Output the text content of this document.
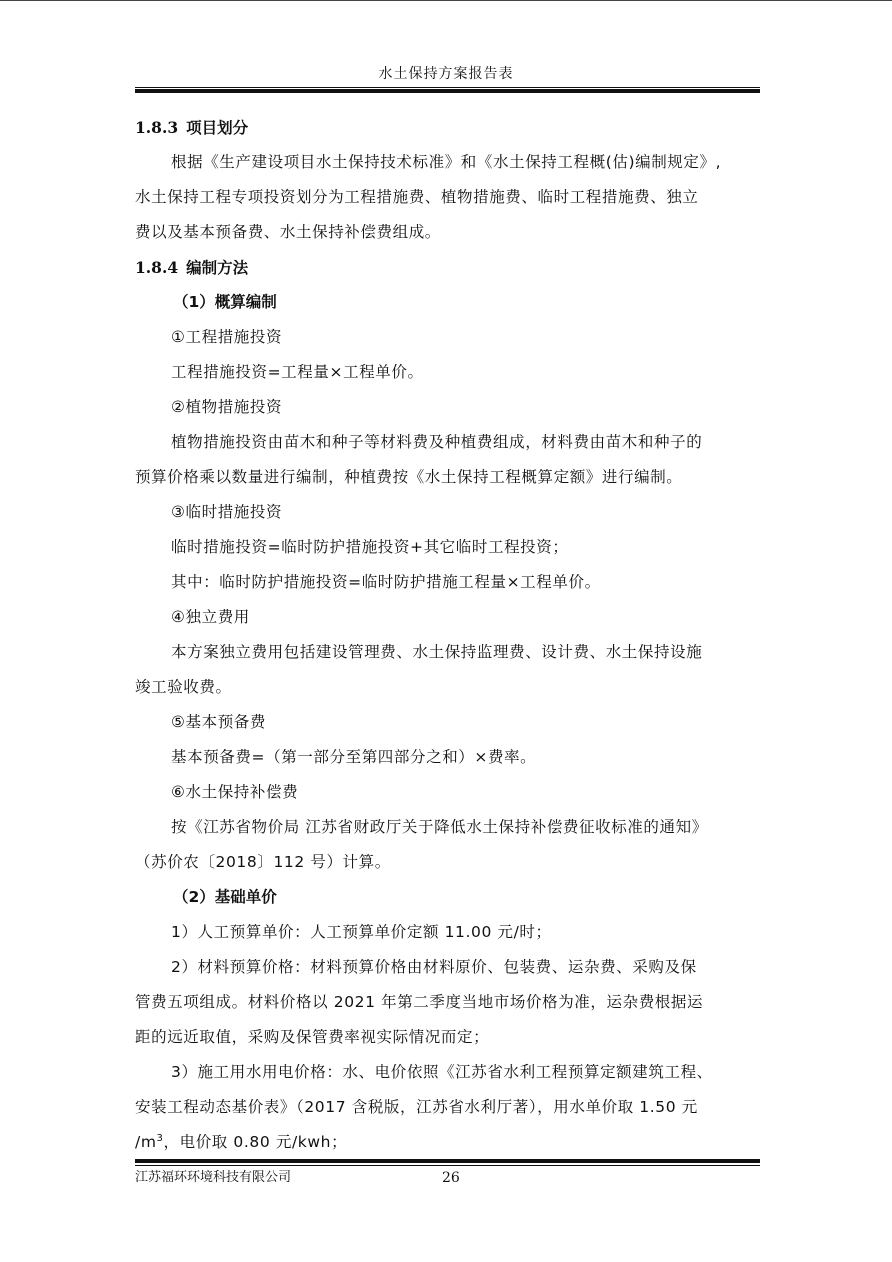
水土保持方案报告表

1.8.3 项目划分

根据《生产建设项目水土保持技术标准》和《水土保持工程概(估)编制规定》,
水土保持工程专项投资划分为工程措施费、植物措施费、临时工程措施费、独立
费以及基本预备费、水土保持补偿费组成。

1.8.4 编制方法

（1）概算编制

①工程措施投资

工程措施投资=工程量×工程单价。

②植物措施投资

植物措施投资由苗木和种子等材料费及种植费组成，材料费由苗木和种子的
预算价格乘以数量进行编制，种植费按《水土保持工程概算定额》进行编制。

③临时措施投资

临时措施投资=临时防护措施投资+其它临时工程投资；

其中：临时防护措施投资=临时防护措施工程量×工程单价。

④独立费用

本方案独立费用包括建设管理费、水土保持监理费、设计费、水土保持设施
竣工验收费。

⑤基本预备费

基本预备费=（第一部分至第四部分之和）×费率。

⑥水土保持补偿费

按《江苏省物价局 江苏省财政厅关于降低水土保持补偿费征收标准的通知》
（苏价农〔2018〕112 号）计算。

（2）基础单价

1）人工预算单价：人工预算单价定额 11.00 元/时；

2）材料预算价格：材料预算价格由材料原价、包装费、运杂费、采购及保
管费五项组成。材料价格以 2021 年第二季度当地市场价格为准，运杂费根据运
距的远近取值，采购及保管费率视实际情况而定；

3）施工用水用电价格：水、电价依照《江苏省水利工程预算定额建筑工程、
安装工程动态基价表》（2017 含税版，江苏省水利厅著），用水单价取 1.50 元
$/m^3$，电价取 0.80 元/kwh；

江苏福环环境科技有限公司	26
